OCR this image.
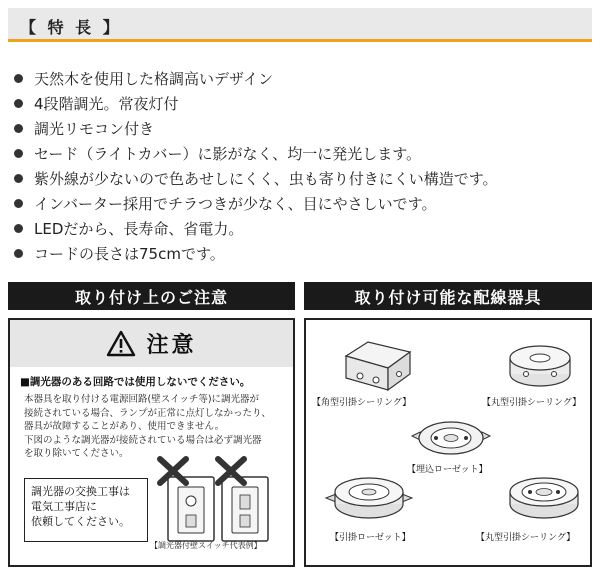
【 特 長 】
天然木を使用した格調高いデザイン
4段階調光。常夜灯付
調光リモコン付き
セード（ライトカバー）に影がなく、均一に発光します。
紫外線が少ないので色あせしにくく、虫も寄り付きにくい構造です。
インバーター採用でチラつきが少なく、目にやさしいです。
LEDだから、長寿命、省電力。
コードの長さは75cmです。
取り付け上のご注意	取り付け可能な配線器具
注意
■調光器のある回路では使用しないでください。
本器具を取り付ける電源回路(壁スイッチ等)に調光器が
接続されている場合、ランプが正常に点灯しなかったり、
器具が故障することがあり、使用できません。
下図のような調光器が接続されている場合は必ず調光器
を取り除いてください。
調光器の交換工事は
電気工事店に
依頼してください。
【調光器付壁スイッチ代表例】
【角型引掛シーリング】	【丸型引掛シーリング】
【埋込ローゼット】
【引掛ローゼット】	【丸型引掛シーリング】
